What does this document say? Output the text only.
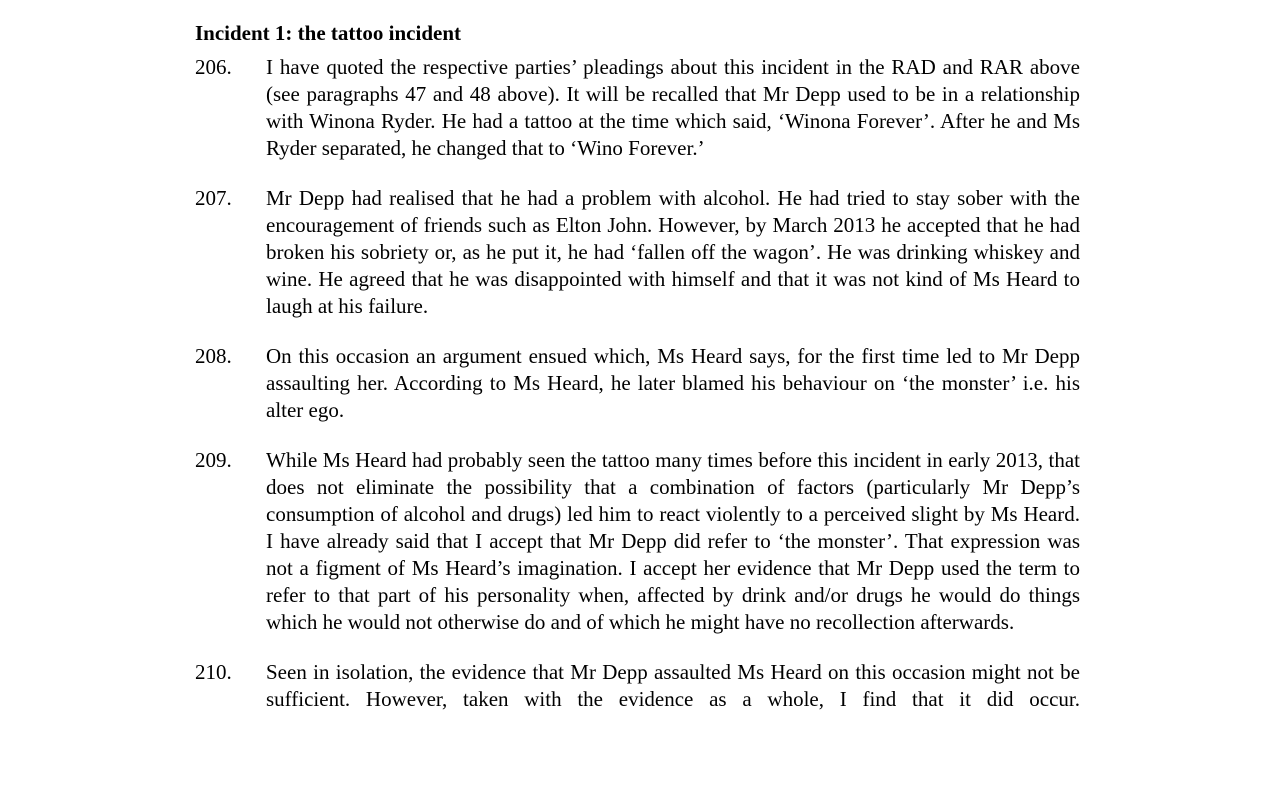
Incident 1: the tattoo incident
206.	I have quoted the respective parties’ pleadings about this incident in the RAD and RAR above (see paragraphs 47 and 48 above). It will be recalled that Mr Depp used to be in a relationship with Winona Ryder. He had a tattoo at the time which said, ‘Winona Forever’. After he and Ms Ryder separated, he changed that to ‘Wino Forever.’
207.	Mr Depp had realised that he had a problem with alcohol. He had tried to stay sober with the encouragement of friends such as Elton John. However, by March 2013 he accepted that he had broken his sobriety or, as he put it, he had ‘fallen off the wagon’. He was drinking whiskey and wine. He agreed that he was disappointed with himself and that it was not kind of Ms Heard to laugh at his failure.
208.	On this occasion an argument ensued which, Ms Heard says, for the first time led to Mr Depp assaulting her. According to Ms Heard, he later blamed his behaviour on ‘the monster’ i.e. his alter ego.
209.	While Ms Heard had probably seen the tattoo many times before this incident in early 2013, that does not eliminate the possibility that a combination of factors (particularly Mr Depp’s consumption of alcohol and drugs) led him to react violently to a perceived slight by Ms Heard. I have already said that I accept that Mr Depp did refer to ‘the monster’. That expression was not a figment of Ms Heard’s imagination. I accept her evidence that Mr Depp used the term to refer to that part of his personality when, affected by drink and/or drugs he would do things which he would not otherwise do and of which he might have no recollection afterwards.
210.	Seen in isolation, the evidence that Mr Depp assaulted Ms Heard on this occasion might not be sufficient. However, taken with the evidence as a whole, I find that it did occur.
